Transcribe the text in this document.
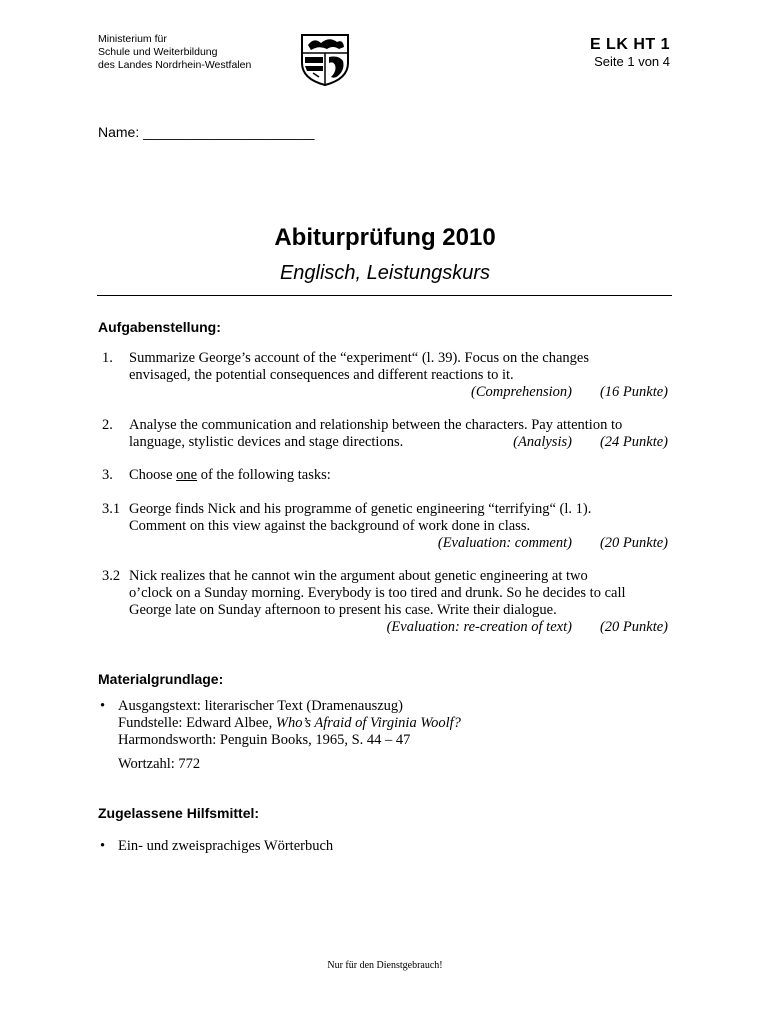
Ministerium für
Schule und Weiterbildung
des Landes Nordrhein-Westfalen
E LK HT 1
Seite 1 von 4
Name: ______________________
Abiturprüfung 2010
Englisch, Leistungskurs
Aufgabenstellung:
1. Summarize George’s account of the “experiment“ (l. 39). Focus on the changes
envisaged, the potential consequences and different reactions to it.
(Comprehension) (16 Punkte)
2. Analyse the communication and relationship between the characters. Pay attention to
(Analysis) (24 Punkte)
language, stylistic devices and stage directions.
3. Choose one of the following tasks:
3.1 George finds Nick and his programme of genetic engineering “terrifying“ (l. 1).
Comment on this view against the background of work done in class.
(Evaluation: comment) (20 Punkte)
3.2 Nick realizes that he cannot win the argument about genetic engineering at two
o’clock on a Sunday morning. Everybody is too tired and drunk. So he decides to call
George late on Sunday afternoon to present his case. Write their dialogue.
(Evaluation: re-creation of text) (20 Punkte)
Materialgrundlage:
• Ausgangstext: literarischer Text (Dramenauszug)
Fundstelle: Edward Albee, Who’s Afraid of Virginia Woolf?
Harmondsworth: Penguin Books, 1965, S. 44 – 47
Wortzahl: 772
Zugelassene Hilfsmittel:
• Ein- und zweisprachiges Wörterbuch
Nur für den Dienstgebrauch!
